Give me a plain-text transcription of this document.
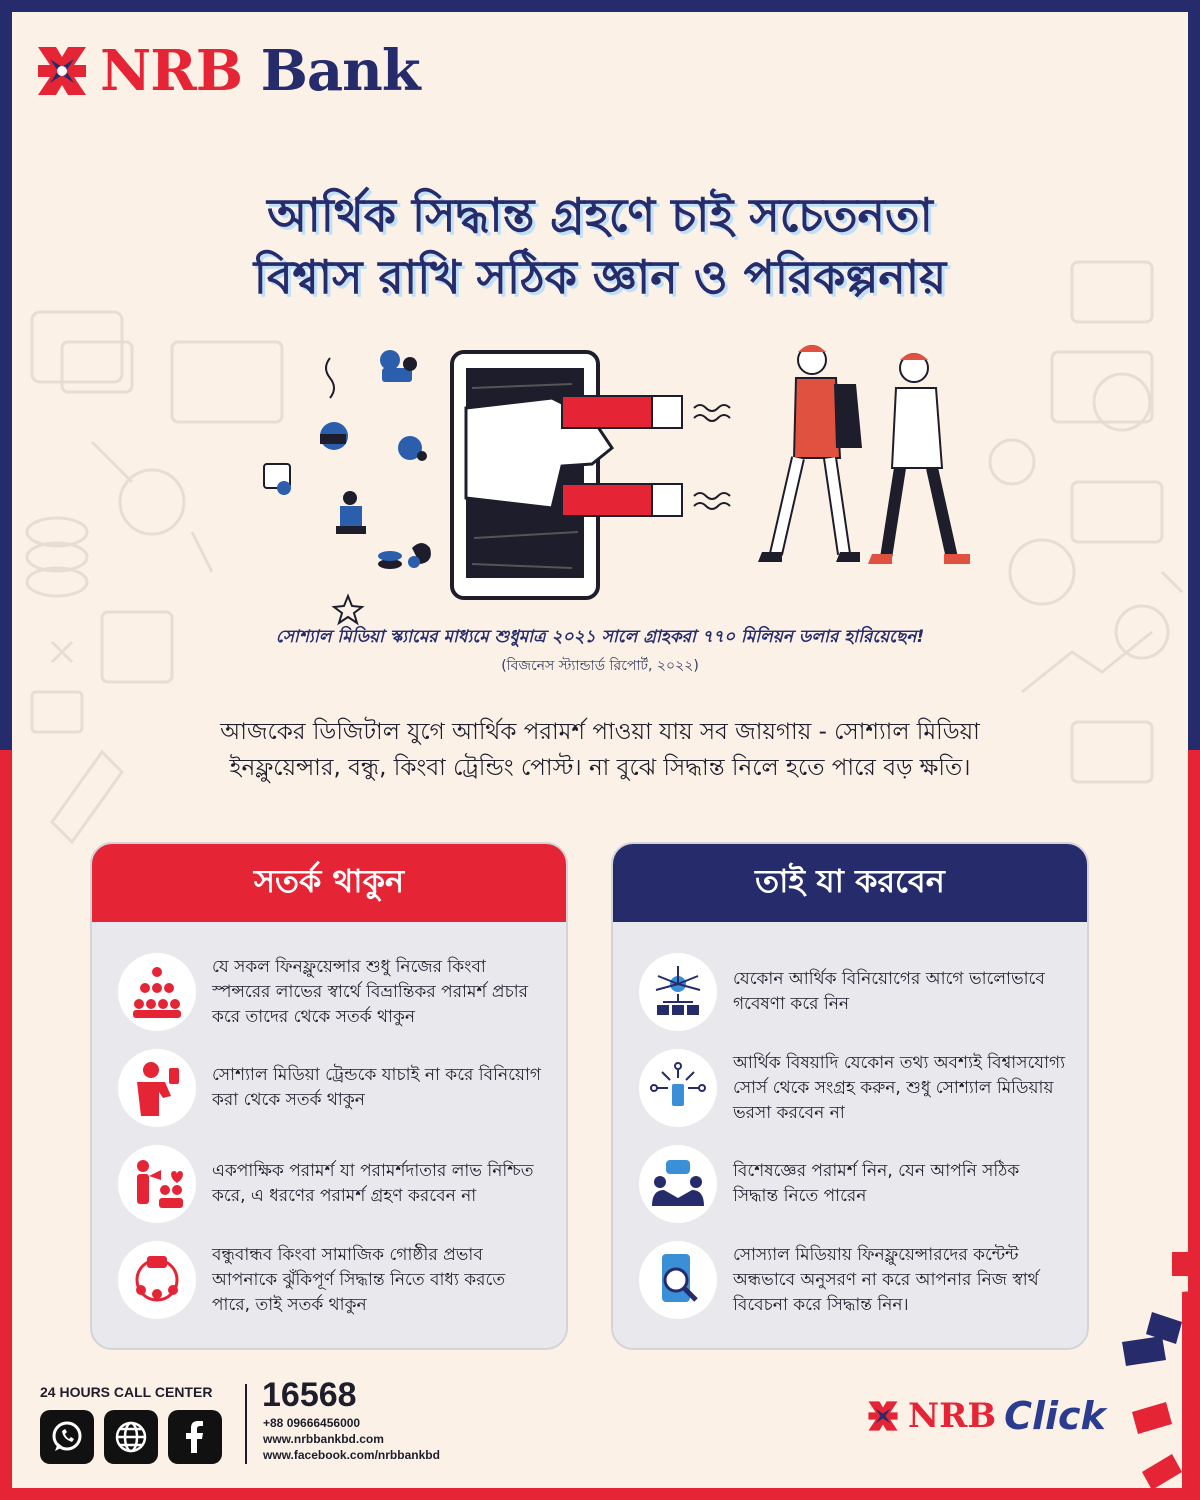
NRB Bank
আর্থিক সিদ্ধান্ত গ্রহণে চাই সচেতনতা
বিশ্বাস রাখি সঠিক জ্ঞান ও পরিকল্পনায়
সোশ্যাল মিডিয়া স্ক্যামের মাধ্যমে শুধুমাত্র ২০২১ সালে গ্রাহকরা ৭৭০ মিলিয়ন ডলার হারিয়েছেন!
(বিজনেস স্ট্যান্ডার্ড রিপোর্ট, ২০২২)
আজকের ডিজিটাল যুগে আর্থিক পরামর্শ পাওয়া যায় সব জায়গায় - সোশ্যাল মিডিয়া
ইনফ্লুয়েন্সার, বন্ধু, কিংবা ট্রেন্ডিং পোস্ট। না বুঝে সিদ্ধান্ত নিলে হতে পারে বড় ক্ষতি।
সতর্ক থাকুন
যে সকল ফিনফ্লুয়েন্সার শুধু নিজের কিংবা স্পন্সরের লাভের স্বার্থে বিভ্রান্তিকর পরামর্শ প্রচার করে তাদের থেকে সতর্ক থাকুন
সোশ্যাল মিডিয়া ট্রেন্ডকে যাচাই না করে বিনিয়োগ করা থেকে সতর্ক থাকুন
একপাক্ষিক পরামর্শ যা পরামর্শদাতার লাভ নিশ্চিত করে, এ ধরণের পরামর্শ গ্রহণ করবেন না
বন্ধুবান্ধব কিংবা সামাজিক গোষ্ঠীর প্রভাব আপনাকে ঝুঁকিপূর্ণ সিদ্ধান্ত নিতে বাধ্য করতে পারে, তাই সতর্ক থাকুন
তাই যা করবেন
যেকোন আর্থিক বিনিয়োগের আগে ভালোভাবে গবেষণা করে নিন
আর্থিক বিষয়াদি যেকোন তথ্য অবশ্যই বিশ্বাসযোগ্য সোর্স থেকে সংগ্রহ করুন, শুধু সোশ্যাল মিডিয়ায় ভরসা করবেন না
বিশেষজ্ঞের পরামর্শ নিন, যেন আপনি সঠিক সিদ্ধান্ত নিতে পারেন
সোস্যাল মিডিয়ায় ফিনফ্লুয়েন্সারদের কন্টেন্ট অন্ধভাবে অনুসরণ না করে আপনার নিজ স্বার্থ বিবেচনা করে সিদ্ধান্ত নিন।
24 HOURS CALL CENTER 16568
+88 09666456000
www.nrbbankbd.com
www.facebook.com/nrbbankbd
NRB Click
